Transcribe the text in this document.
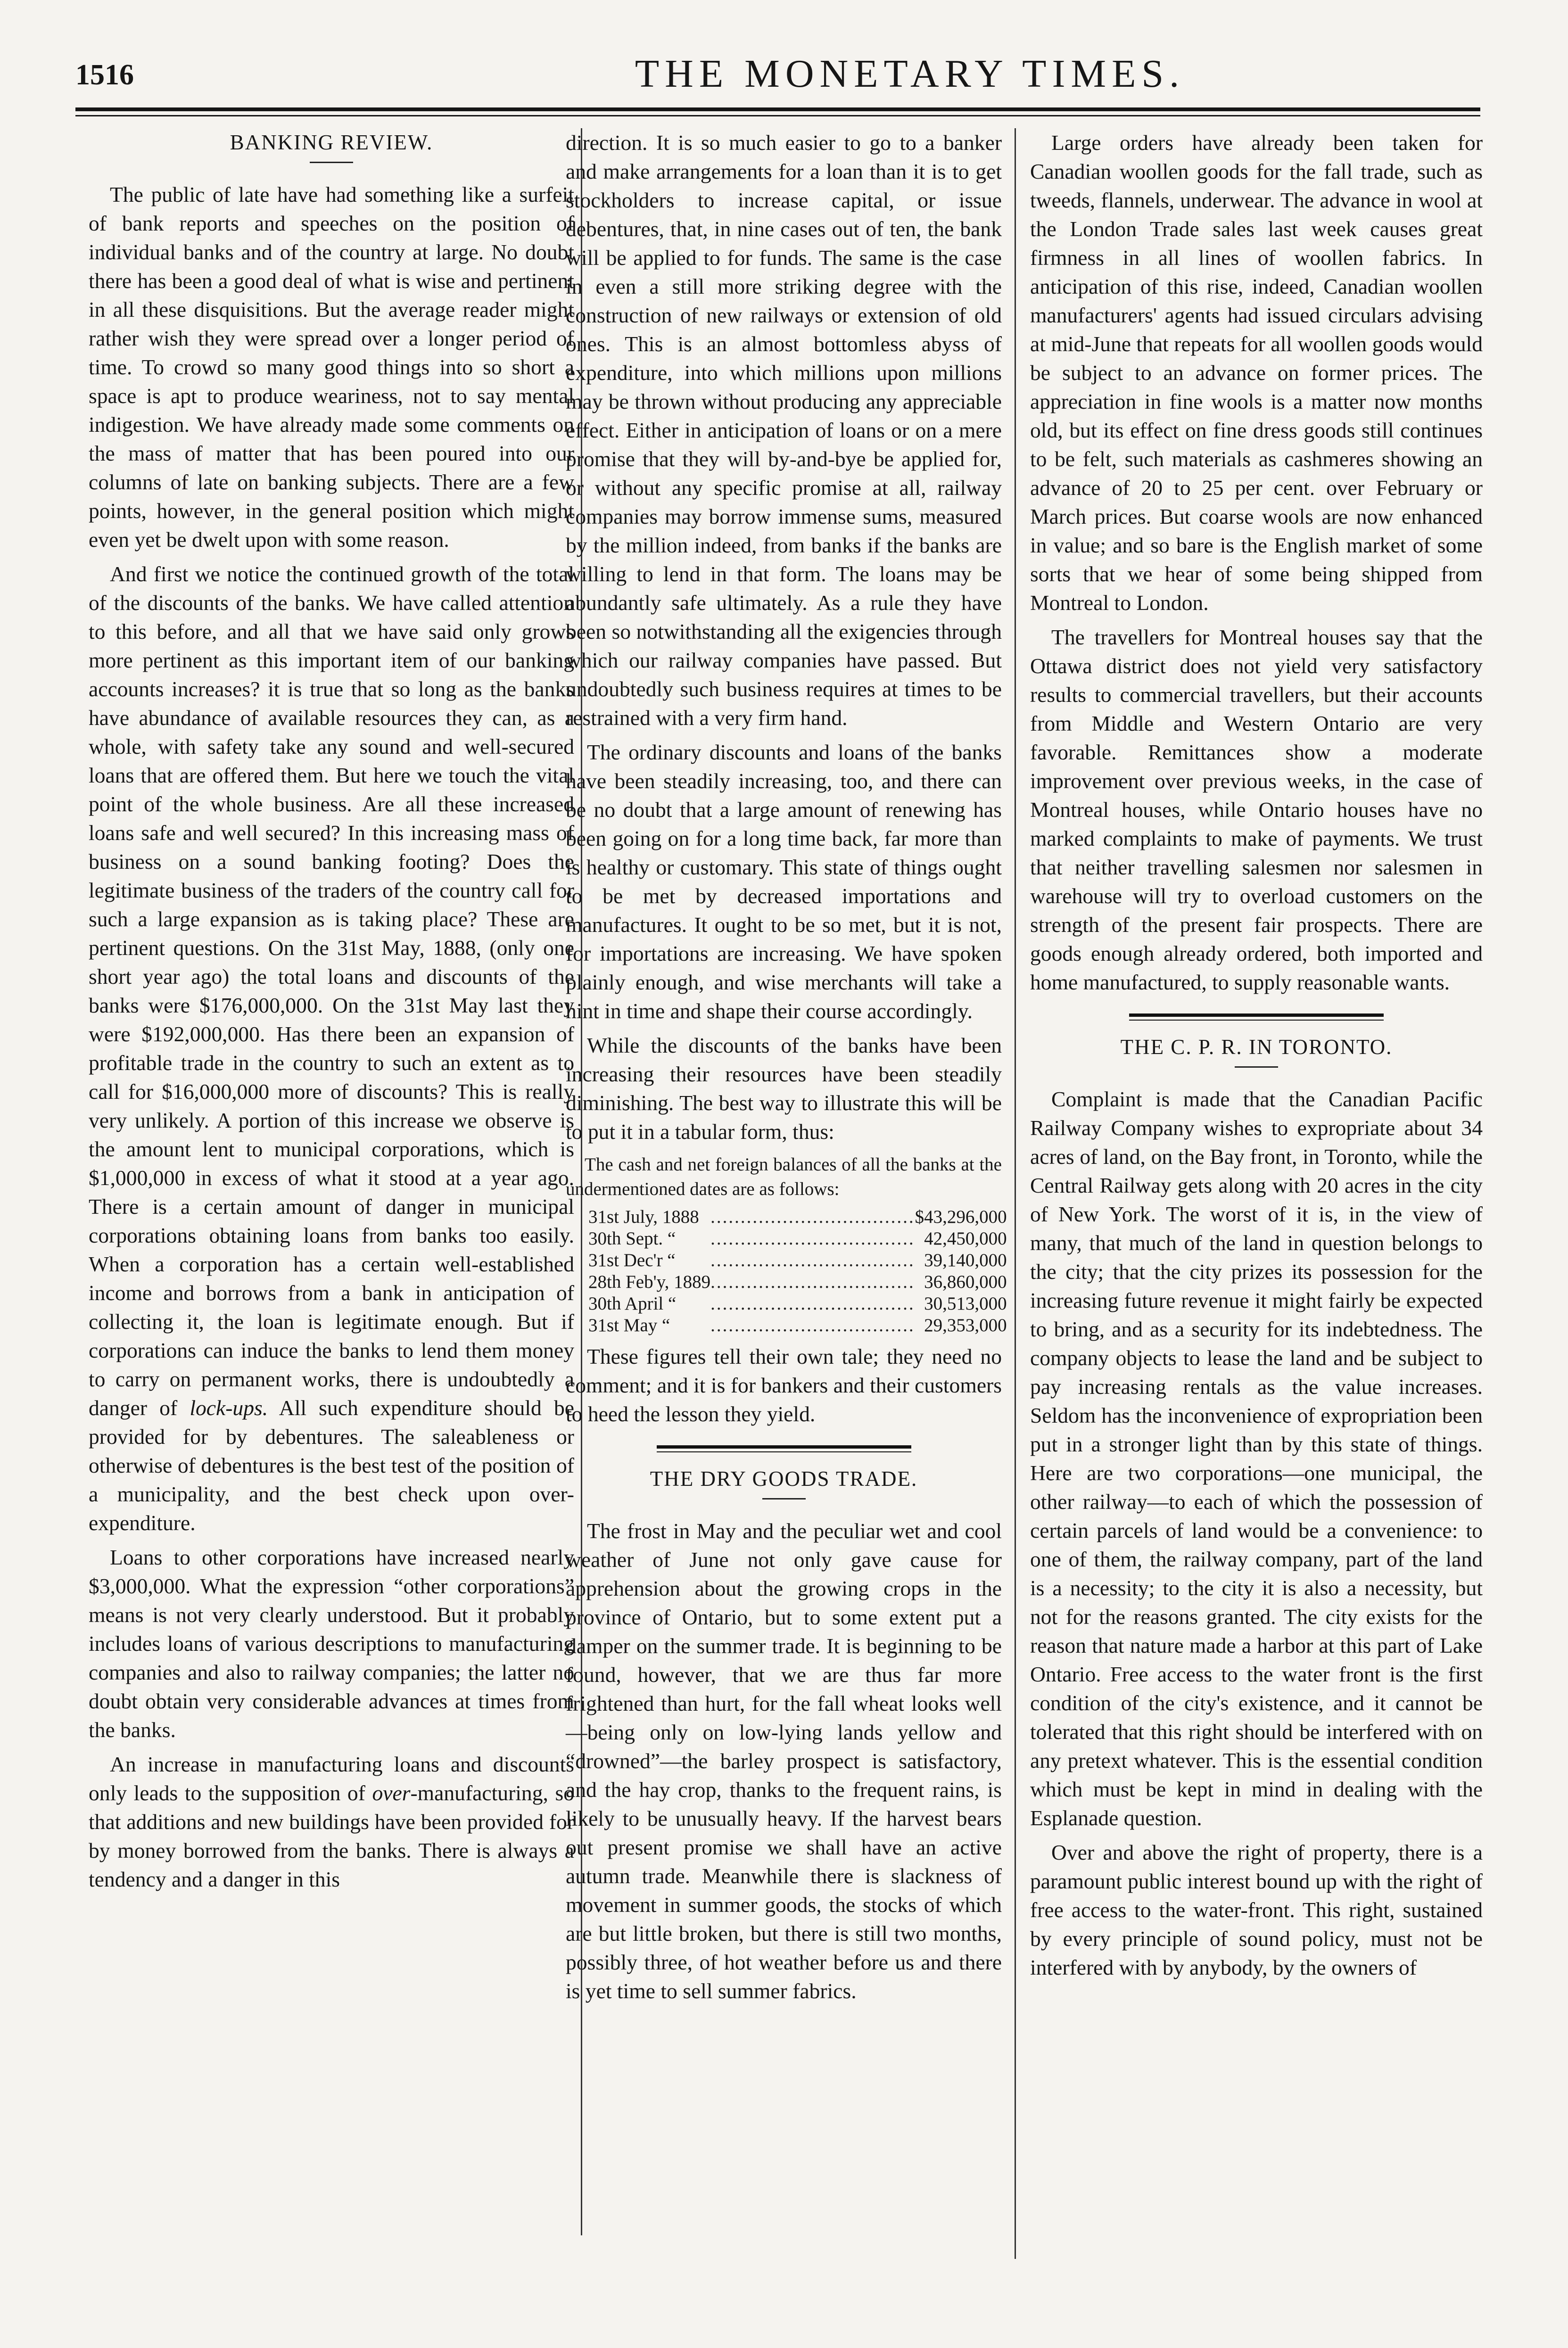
1516	THE MONETARY TIMES.
BANKING REVIEW.

The public of late have had something like a surfeit of bank reports and speeches on the position of individual banks and of the country at large. No doubt there has been a good deal of what is wise and pertinent in all these disquisitions. But the average reader might rather wish they were spread over a longer period of time. To crowd so many good things into so short a space is apt to produce weariness, not to say mental indigestion. We have already made some comments on the mass of matter that has been poured into our columns of late on banking subjects. There are a few points, however, in the general position which might even yet be dwelt upon with some reason.

And first we notice the continued growth of the total of the discounts of the banks. We have called attention to this before, and all that we have said only grows more pertinent as this important item of our banking accounts increases? it is true that so long as the banks have abundance of available resources they can, as a whole, with safety take any sound and well-secured loans that are offered them. But here we touch the vital point of the whole business. Are all these increased loans safe and well secured? In this increasing mass of business on a sound banking footing? Does the legitimate business of the traders of the country call for such a large expansion as is taking place? These are pertinent questions. On the 31st May, 1888, (only one short year ago) the total loans and discounts of the banks were $176,000,000. On the 31st May last they were $192,000,000. Has there been an expansion of profitable trade in the country to such an extent as to call for $16,000,000 more of discounts? This is really very unlikely. A portion of this increase we observe is the amount lent to municipal corporations, which is $1,000,000 in excess of what it stood at a year ago. There is a certain amount of danger in municipal corporations obtaining loans from banks too easily. When a corporation has a certain well-established income and borrows from a bank in anticipation of collecting it, the loan is legitimate enough. But if corporations can induce the banks to lend them money to carry on permanent works, there is undoubtedly a danger of lock-ups. All such expenditure should be provided for by debentures. The saleableness or otherwise of debentures is the best test of the position of a municipality, and the best check upon over-expenditure.

Loans to other corporations have increased nearly $3,000,000. What the expression “other corporations” means is not very clearly understood. But it probably includes loans of various descriptions to manufacturing companies and also to railway companies; the latter no doubt obtain very considerable advances at times from the banks.

An increase in manufacturing loans and discounts only leads to the supposition of over-manufacturing, so that additions and new buildings have been provided for by money borrowed from the banks. There is always a tendency and a danger in this

direction. It is so much easier to go to a banker and make arrangements for a loan than it is to get stockholders to increase capital, or issue debentures, that, in nine cases out of ten, the bank will be applied to for funds. The same is the case in even a still more striking degree with the construction of new railways or extension of old ones. This is an almost bottomless abyss of expenditure, into which millions upon millions may be thrown without producing any appreciable effect. Either in anticipation of loans or on a mere promise that they will by-and-bye be applied for, or without any specific promise at all, railway companies may borrow immense sums, measured by the million indeed, from banks if the banks are willing to lend in that form. The loans may be abundantly safe ultimately. As a rule they have been so notwithstanding all the exigencies through which our railway companies have passed. But undoubtedly such business requires at times to be restrained with a very firm hand.

The ordinary discounts and loans of the banks have been steadily increasing, too, and there can be no doubt that a large amount of renewing has been going on for a long time back, far more than is healthy or customary. This state of things ought to be met by decreased importations and manufactures. It ought to be so met, but it is not, for importations are increasing. We have spoken plainly enough, and wise merchants will take a hint in time and shape their course accordingly.

While the discounts of the banks have been increasing their resources have been steadily diminishing. The best way to illustrate this will be to put it in a tabular form, thus:

The cash and net foreign balances of all the banks at the undermentioned dates are as follows:
31st July, 1888	..................................	$43,296,000
30th Sept. “	..................................	42,450,000
31st Dec'r “	..................................	39,140,000
28th Feb'y, 1889	..................................	36,860,000
30th April “	..................................	30,513,000
31st May “	..................................	29,353,000

These figures tell their own tale; they need no comment; and it is for bankers and their customers to heed the lesson they yield.

THE DRY GOODS TRADE.

The frost in May and the peculiar wet and cool weather of June not only gave cause for apprehension about the growing crops in the province of Ontario, but to some extent put a damper on the summer trade. It is beginning to be found, however, that we are thus far more frightened than hurt, for the fall wheat looks well—being only on low-lying lands yellow and “drowned”—the barley prospect is satisfactory, and the hay crop, thanks to the frequent rains, is likely to be unusually heavy. If the harvest bears out present promise we shall have an active autumn trade. Meanwhile there is slackness of movement in summer goods, the stocks of which are but little broken, but there is still two months, possibly three, of hot weather before us and there is yet time to sell summer fabrics.

Large orders have already been taken for Canadian woollen goods for the fall trade, such as tweeds, flannels, underwear. The advance in wool at the London Trade sales last week causes great firmness in all lines of woollen fabrics. In anticipation of this rise, indeed, Canadian woollen manufacturers' agents had issued circulars advising at mid-June that repeats for all woollen goods would be subject to an advance on former prices. The appreciation in fine wools is a matter now months old, but its effect on fine dress goods still continues to be felt, such materials as cashmeres showing an advance of 20 to 25 per cent. over February or March prices. But coarse wools are now enhanced in value; and so bare is the English market of some sorts that we hear of some being shipped from Montreal to London.

The travellers for Montreal houses say that the Ottawa district does not yield very satisfactory results to commercial travellers, but their accounts from Middle and Western Ontario are very favorable. Remittances show a moderate improvement over previous weeks, in the case of Montreal houses, while Ontario houses have no marked complaints to make of payments. We trust that neither travelling salesmen nor salesmen in warehouse will try to overload customers on the strength of the present fair prospects. There are goods enough already ordered, both imported and home manufactured, to supply reasonable wants.

THE C. P. R. IN TORONTO.

Complaint is made that the Canadian Pacific Railway Company wishes to expropriate about 34 acres of land, on the Bay front, in Toronto, while the Central Railway gets along with 20 acres in the city of New York. The worst of it is, in the view of many, that much of the land in question belongs to the city; that the city prizes its possession for the increasing future revenue it might fairly be expected to bring, and as a security for its indebtedness. The company objects to lease the land and be subject to pay increasing rentals as the value increases. Seldom has the inconvenience of expropriation been put in a stronger light than by this state of things. Here are two corporations—one municipal, the other railway—to each of which the possession of certain parcels of land would be a convenience: to one of them, the railway company, part of the land is a necessity; to the city it is also a necessity, but not for the reasons granted. The city exists for the reason that nature made a harbor at this part of Lake Ontario. Free access to the water front is the first condition of the city's existence, and it cannot be tolerated that this right should be interfered with on any pretext whatever. This is the essential condition which must be kept in mind in dealing with the Esplanade question.

Over and above the right of property, there is a paramount public interest bound up with the right of free access to the water-front. This right, sustained by every principle of sound policy, must not be interfered with by anybody, by the owners of
